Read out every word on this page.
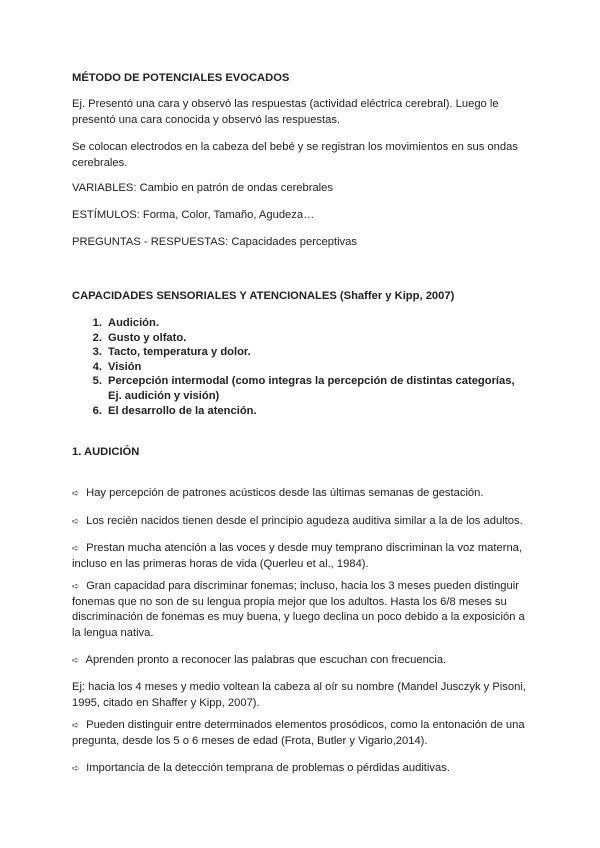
MÉTODO DE POTENCIALES EVOCADOS
Ej. Presentó una cara y observó las respuestas (actividad eléctrica cerebral). Luego le presentó una cara conocida y observó las respuestas.
Se colocan electrodos en la cabeza del bebé y se registran los movimientos en sus ondas cerebrales.
VARIABLES: Cambio en patrón de ondas cerebrales
ESTÍMULOS: Forma, Color, Tamaño, Agudeza…
PREGUNTAS - RESPUESTAS: Capacidades perceptivas
CAPACIDADES SENSORIALES Y ATENCIONALES (Shaffer y Kipp, 2007)
1. Audición.
2. Gusto y olfato.
3. Tacto, temperatura y dolor.
4. Visión
5. Percepción intermodal (como integras la percepción de distintas categorías, Ej. audición y visión)
6. El desarrollo de la atención.
1. AUDICIÓN
➪ Hay percepción de patrones acústicos desde las últimas semanas de gestación.
➪ Los recién nacidos tienen desde el principio agudeza auditiva similar a la de los adultos.
➪ Prestan mucha atención a las voces y desde muy temprano discriminan la voz materna, incluso en las primeras horas de vida (Querleu et al., 1984).
➪ Gran capacidad para discriminar fonemas; incluso, hacia los 3 meses pueden distinguir fonemas que no son de su lengua propia mejor que los adultos. Hasta los 6/8 meses su discriminación de fonemas es muy buena, y luego declina un poco debido a la exposición a la lengua nativa.
➪ Aprenden pronto a reconocer las palabras que escuchan con frecuencia.
Ej: hacia los 4 meses y medio voltean la cabeza al oír su nombre (Mandel Jusczyk y Pisoni, 1995, citado en Shaffer y Kipp, 2007).
➪ Pueden distinguir entre determinados elementos prosódicos, como la entonación de una pregunta, desde los 5 o 6 meses de edad (Frota, Butler y Vigario,2014).
➪ Importancia de la detección temprana de problemas o pérdidas auditivas.
